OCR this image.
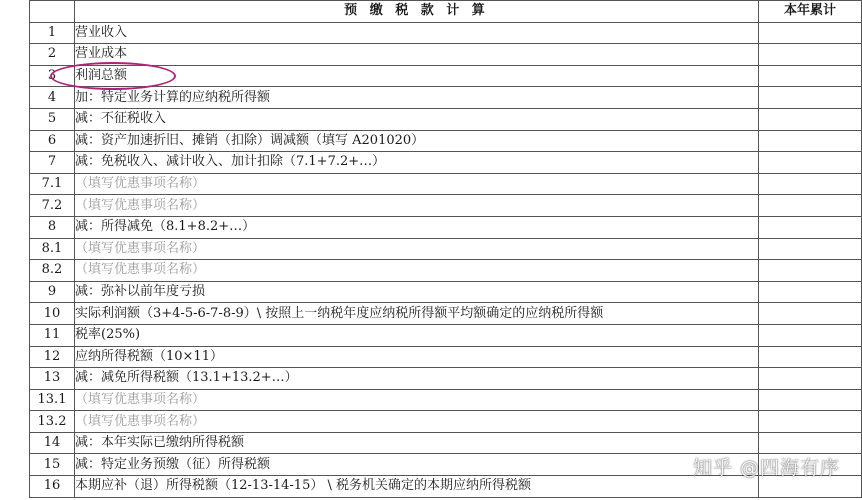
	预 缴 税 款 计 算	本年累计
1	营业收入	
2	营业成本	
3	利润总额	
4	加：特定业务计算的应纳税所得额	
5	减：不征税收入	
6	减：资产加速折旧、摊销（扣除）调减额（填写 A201020）	
7	减：免税收入、减计收入、加计扣除（7.1+7.2+…）	
7.1	（填写优惠事项名称）	
7.2	（填写优惠事项名称）	
8	减：所得减免（8.1+8.2+…）	
8.1	（填写优惠事项名称）	
8.2	（填写优惠事项名称）	
9	减：弥补以前年度亏损	
10	实际利润额（3+4-5-6-7-8-9）\ 按照上一纳税年度应纳税所得额平均额确定的应纳税所得额	
11	税率(25%)	
12	应纳所得税额（10×11）	
13	减：减免所得税额（13.1+13.2+…）	
13.1	（填写优惠事项名称）	
13.2	（填写优惠事项名称）	
14	减：本年实际已缴纳所得税额	
15	减：特定业务预缴（征）所得税额	
16	本期应补（退）所得税额（12-13-14-15） \ 税务机关确定的本期应纳所得税额	
知乎 @四海有序
